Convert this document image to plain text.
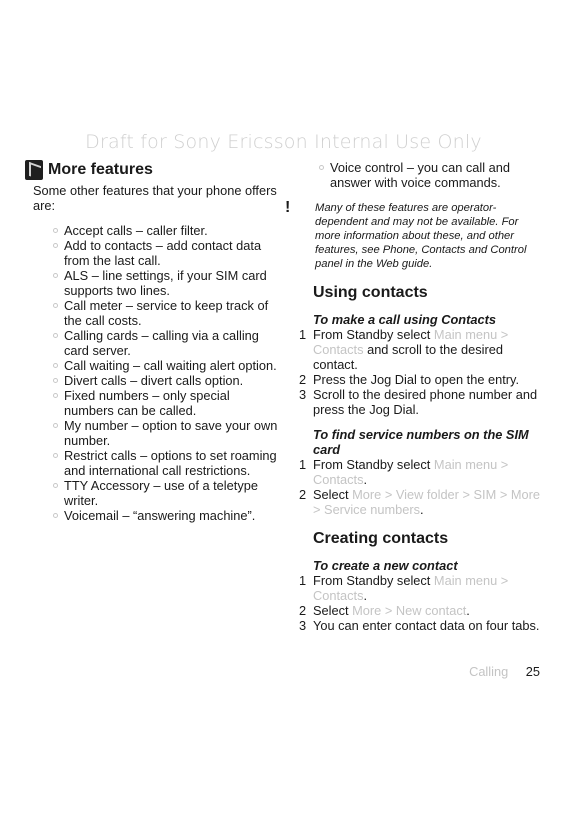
Draft for Sony Ericsson Internal Use Only
More features
Some other features that your phone offers are:
Accept calls – caller filter.
Add to contacts – add contact data from the last call.
ALS – line settings, if your SIM card supports two lines.
Call meter – service to keep track of the call costs.
Calling cards – calling via a calling card server.
Call waiting – call waiting alert option.
Divert calls – divert calls option.
Fixed numbers – only special numbers can be called.
My number – option to save your own number.
Restrict calls – options to set roaming and international call restrictions.
TTY Accessory – use of a teletype writer.
Voicemail – “answering machine”.
Voice control – you can call and answer with voice commands.
! Many of these features are operator-dependent and may not be available. For more information about these, and other features, see Phone, Contacts and Control panel in the Web guide.
Using contacts
To make a call using Contacts
1 From Standby select Main menu > Contacts and scroll to the desired contact.
2 Press the Jog Dial to open the entry.
3 Scroll to the desired phone number and press the Jog Dial.
To find service numbers on the SIM card
1 From Standby select Main menu > Contacts.
2 Select More > View folder > SIM > More > Service numbers.
Creating contacts
To create a new contact
1 From Standby select Main menu > Contacts.
2 Select More > New contact.
3 You can enter contact data on four tabs.
Calling 25
